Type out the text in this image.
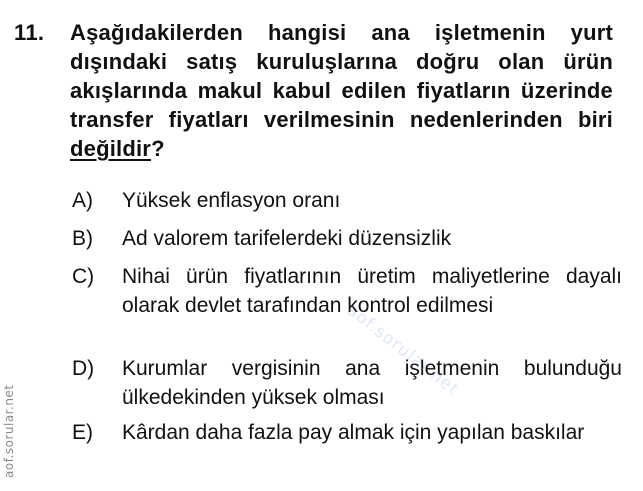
11. Aşağıdakilerden hangisi ana işletmenin yurt dışındaki satış kuruluşlarına doğru olan ürün akışlarında makul kabul edilen fiyatların üzerinde transfer fiyatları verilmesinin nedenlerinden biri değildir?
A)	Yüksek enflasyon oranı
B)	Ad valorem tarifelerdeki düzensizlik
C)	Nihai ürün fiyatlarının üretim maliyetlerine dayalı olarak devlet tarafından kontrol edilmesi
D)	Kurumlar vergisinin ana işletmenin bulunduğu ülkedekinden yüksek olması
E)	Kârdan daha fazla pay almak için yapılan baskılar
aof.sorular.net
aof.sorular.net
